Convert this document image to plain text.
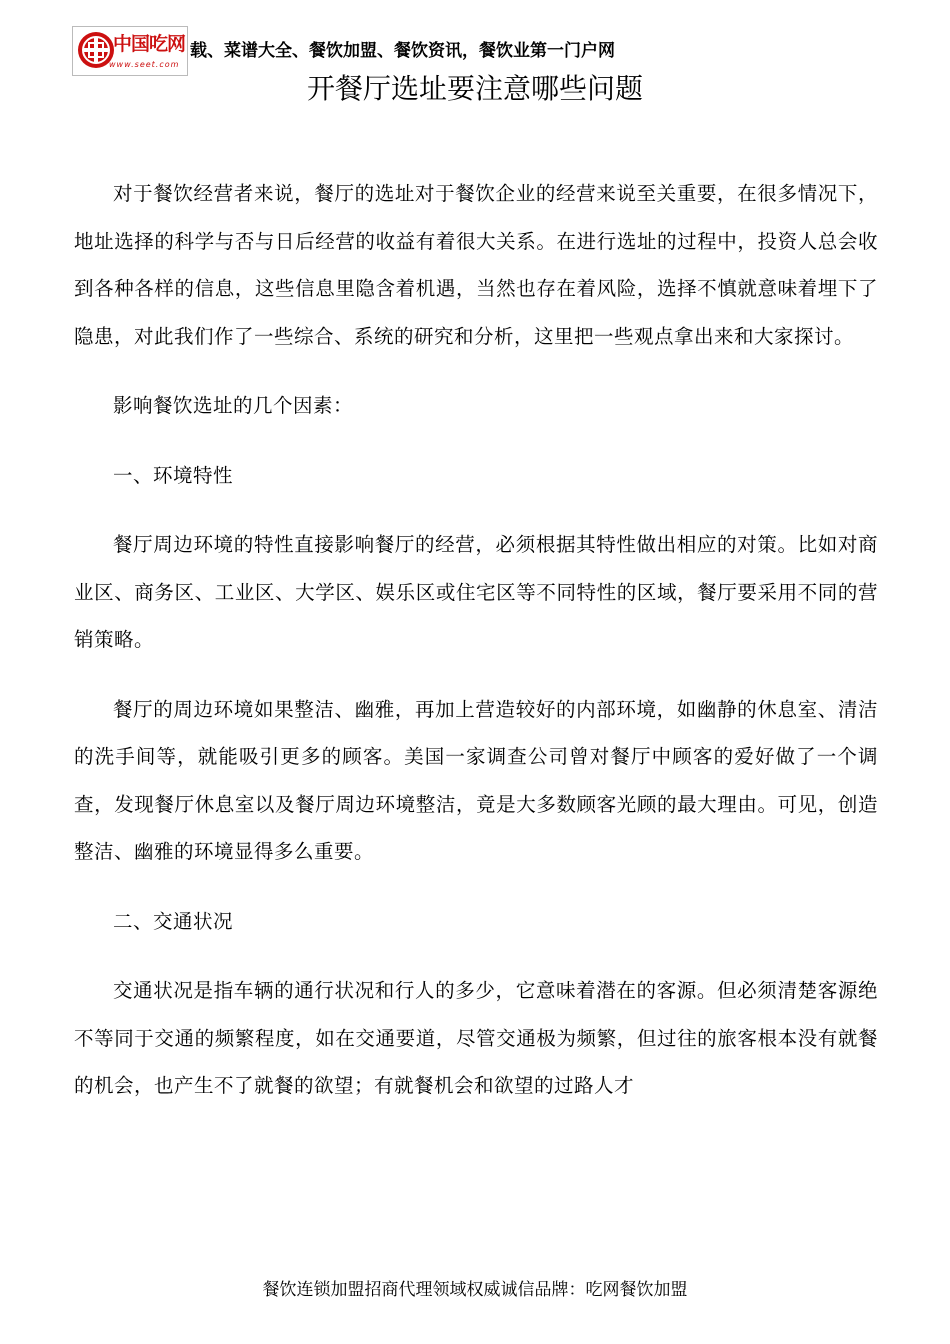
中国吃网
www.seet.com
载、菜谱大全、餐饮加盟、餐饮资讯，餐饮业第一门户网
开餐厅选址要注意哪些问题

对于餐饮经营者来说，餐厅的选址对于餐饮企业的经营来说至关重要，在很多情况下，地址选择的科学与否与日后经营的收益有着很大关系。在进行选址的过程中，投资人总会收到各种各样的信息，这些信息里隐含着机遇，当然也存在着风险，选择不慎就意味着埋下了隐患，对此我们作了一些综合、系统的研究和分析，这里把一些观点拿出来和大家探讨。

影响餐饮选址的几个因素：

一、环境特性

餐厅周边环境的特性直接影响餐厅的经营，必须根据其特性做出相应的对策。比如对商业区、商务区、工业区、大学区、娱乐区或住宅区等不同特性的区域，餐厅要采用不同的营销策略。

餐厅的周边环境如果整洁、幽雅，再加上营造较好的内部环境，如幽静的休息室、清洁的洗手间等，就能吸引更多的顾客。美国一家调查公司曾对餐厅中顾客的爱好做了一个调查，发现餐厅休息室以及餐厅周边环境整洁，竟是大多数顾客光顾的最大理由。可见，创造整洁、幽雅的环境显得多么重要。

二、交通状况

交通状况是指车辆的通行状况和行人的多少，它意味着潜在的客源。但必须清楚客源绝不等同于交通的频繁程度，如在交通要道，尽管交通极为频繁，但过往的旅客根本没有就餐的机会，也产生不了就餐的欲望；有就餐机会和欲望的过路人才

餐饮连锁加盟招商代理领域权威诚信品牌：吃网餐饮加盟
